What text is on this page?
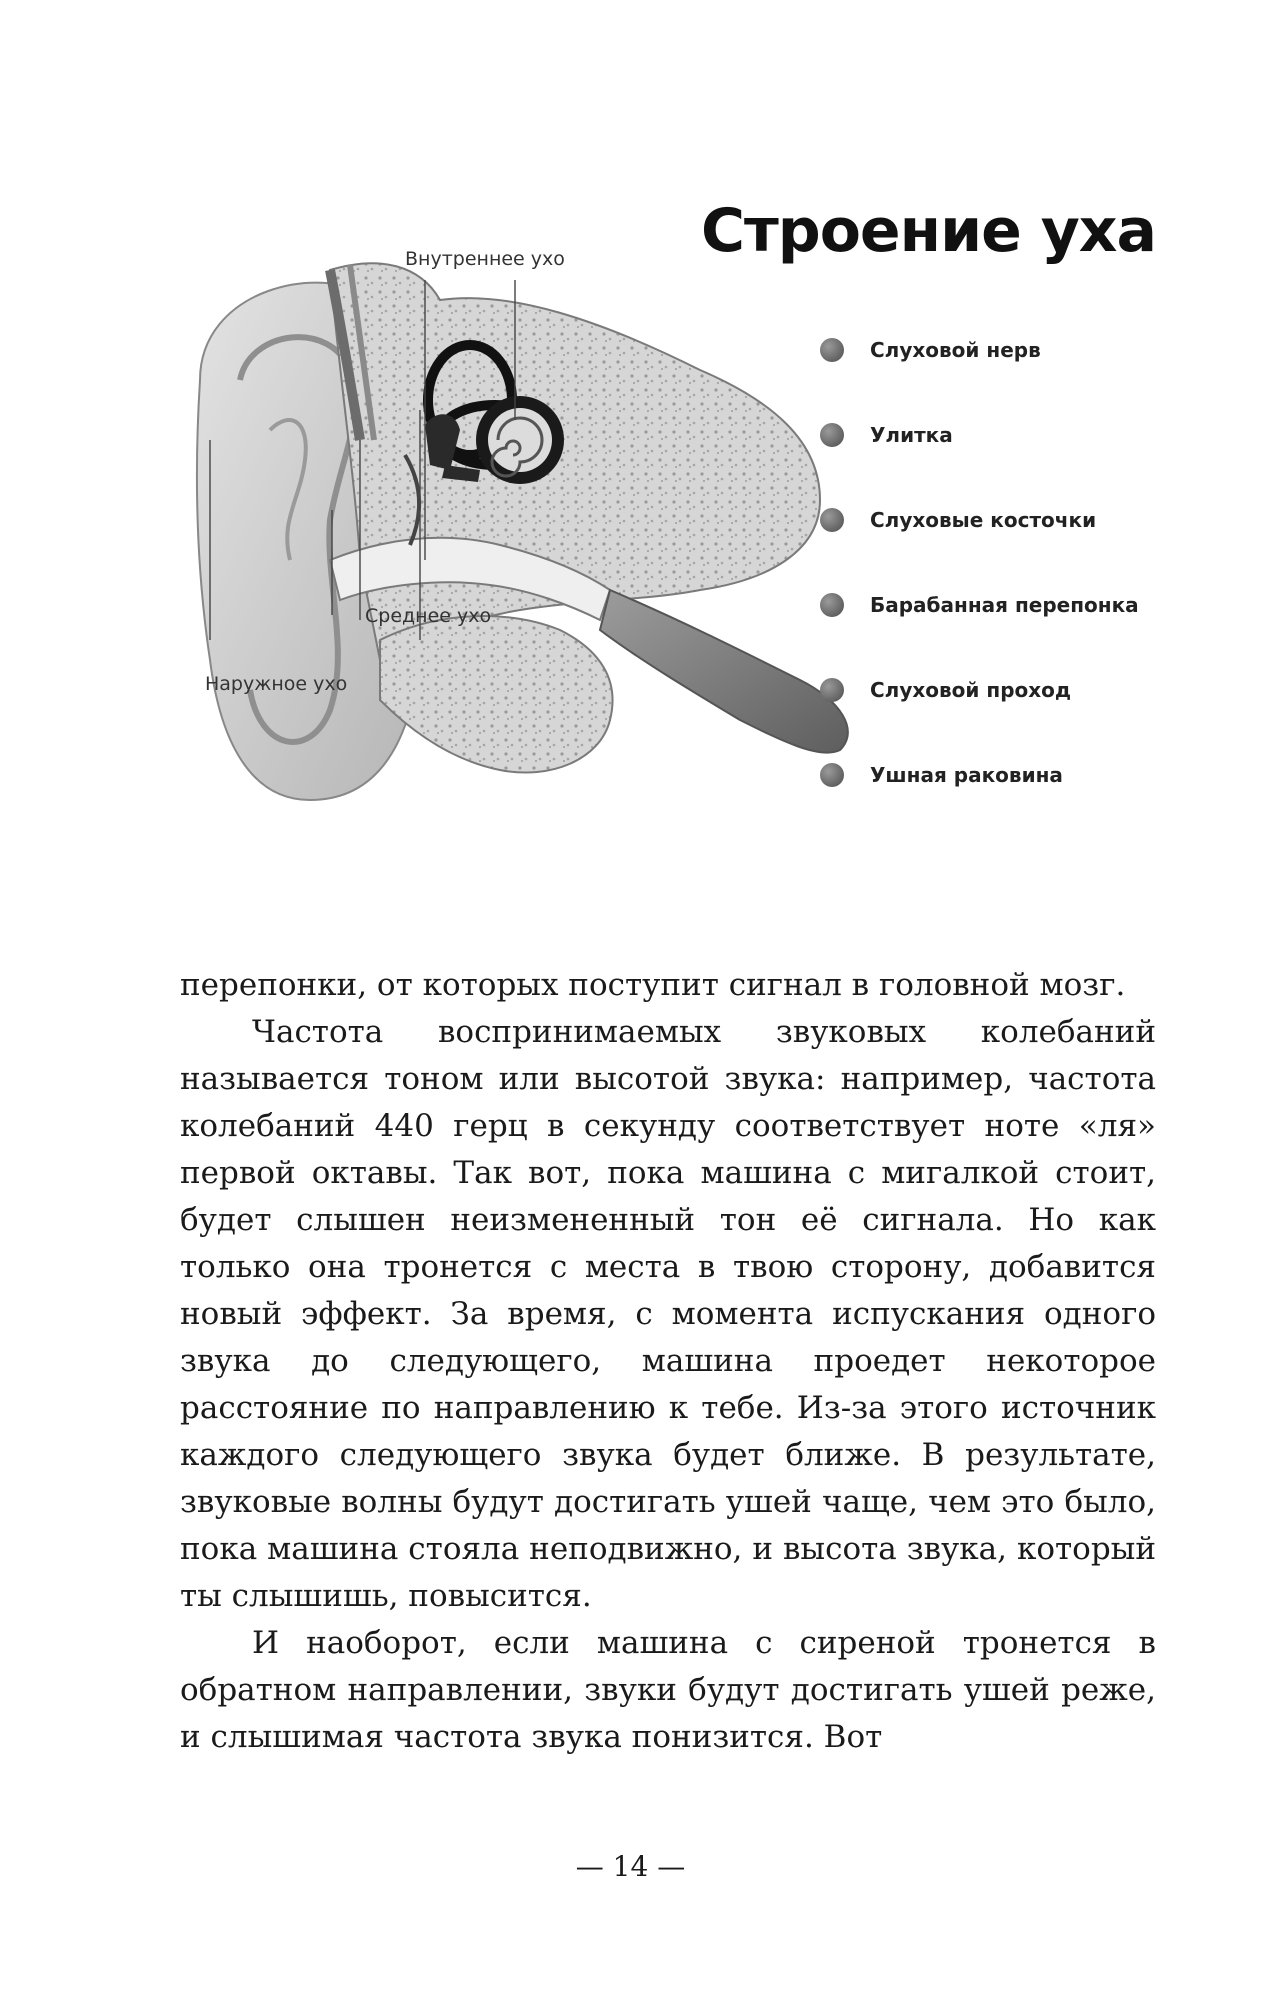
Строение уха
Внутреннее ухо
Среднее ухо
Наружное ухо
Слуховой нерв
Улитка
Слуховые косточки
Барабанная перепонка
Слуховой проход
Ушная раковина

перепонки, от которых поступит сигнал в головной мозг.

Частота воспринимаемых звуковых колебаний называется тоном или высотой звука: например, частота колебаний 440 герц в секунду соответствует ноте «ля» первой октавы. Так вот, пока машина с мигалкой стоит, будет слышен неизмененный тон её сигнала. Но как только она тронется с места в твою сторону, добавится новый эффект. За время, с момента испускания одного звука до следующего, машина проедет некоторое расстояние по направлению к тебе. Из-за этого источник каждого следующего звука будет ближе. В результате, звуковые волны будут достигать ушей чаще, чем это было, пока машина стояла неподвижно, и высота звука, который ты слышишь, повысится.

И наоборот, если машина с сиреной тронется в обратном направлении, звуки будут достигать ушей реже, и слышимая частота звука понизится. Вот

— 14 —
